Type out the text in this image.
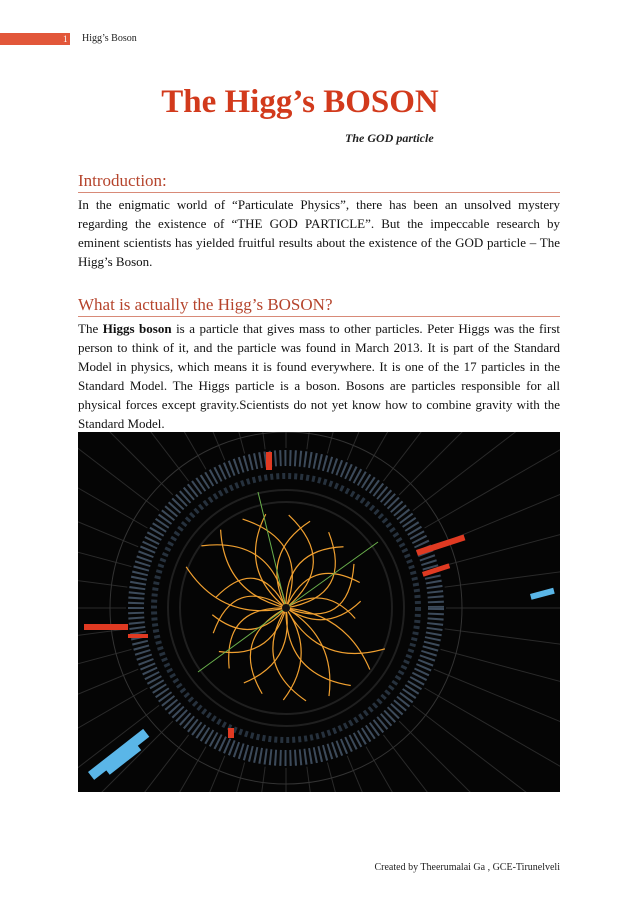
1 Higg’s Boson
The Higg’s BOSON
The GOD particle
Introduction:
In the enigmatic world of “Particulate Physics”, there has been an unsolved mystery regarding the existence of “THE GOD PARTICLE”. But the impeccable research by eminent scientists has yielded fruitful results about the existence of the GOD particle – The Higg’s Boson.
What is actually the Higg’s BOSON?
The Higgs boson is a particle that gives mass to other particles. Peter Higgs was the first person to think of it, and the particle was found in March 2013. It is part of the Standard Model in physics, which means it is found everywhere. It is one of the 17 particles in the Standard Model. The Higgs particle is a boson. Bosons are particles responsible for all physical forces except gravity.Scientists do not yet know how to combine gravity with the Standard Model.
Created by Theerumalai Ga , GCE-Tirunelveli
